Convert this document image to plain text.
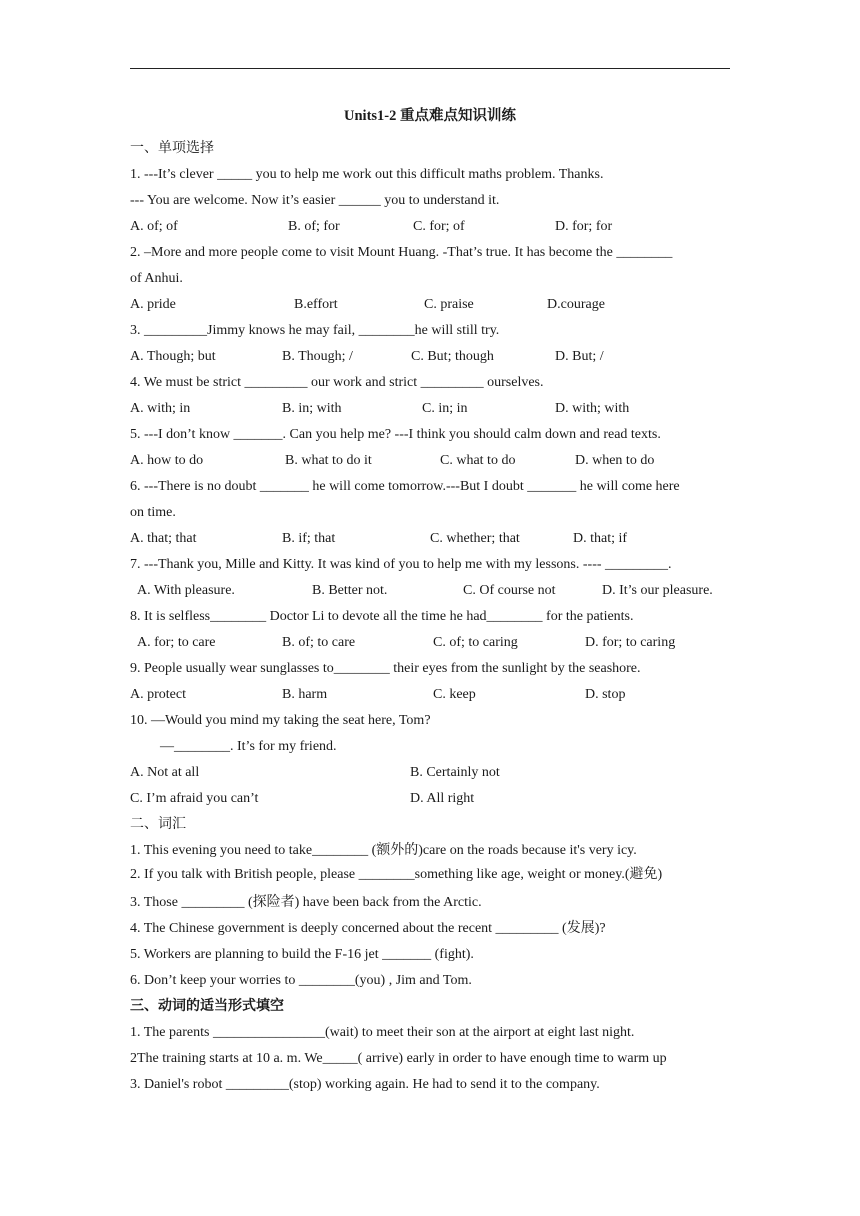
Units1-2 重点难点知识训练
一、单项选择
1. ---It’s clever _____ you to help me work out this difficult maths problem. Thanks.
--- You are welcome. Now it’s easier ______ you to understand it.
A. of; of	B. of; for	C. for; of	D. for; for
2. –More and more people come to visit Mount Huang. -That’s true. It has become the ________
of Anhui.
A. pride	B.effort	C. praise	D.courage
3. _________Jimmy knows he may fail, ________he will still try.
A. Though; but	B. Though; /	C. But; though	D. But; /
4. We must be strict _________ our work and strict _________ ourselves.
A. with; in	B. in; with	C. in; in	D. with; with
5. ---I don’t know _______. Can you help me? ---I think you should calm down and read texts.
A. how to do	B. what to do it	C. what to do	D. when to do
6. ---There is no doubt _______ he will come tomorrow.---But I doubt _______ he will come here
on time.
A. that; that	B. if; that	C. whether; that	D. that; if
7. ---Thank you, Mille and Kitty. It was kind of you to help me with my lessons. ---- _________.
A. With pleasure.	B. Better not.	C. Of course not	D. It’s our pleasure.
8. It is selfless________ Doctor Li to devote all the time he had________ for the patients.
A. for; to care	B. of; to care	C. of; to caring	D. for; to caring
9. People usually wear sunglasses to________ their eyes from the sunlight by the seashore.
A. protect	B. harm	C. keep	D. stop
10. —Would you mind my taking the seat here, Tom?
—________. It’s for my friend.
A. Not at all	B. Certainly not
C. I’m afraid you can’t	D. All right
二、词汇
1. This evening you need to take________ (额外的)care on the roads because it's very icy.
2. If you talk with British people, please ________something like age, weight or money.(避免)
3. Those _________ (探险者) have been back from the Arctic.
4. The Chinese government is deeply concerned about the recent _________ (发展)?
5. Workers are planning to build the F-16 jet _______ (fight).
6. Don’t keep your worries to ________(you) , Jim and Tom.
三、动词的适当形式填空
1. The parents ________________(wait) to meet their son at the airport at eight last night.
2The training starts at 10 a. m. We_____( arrive) early in order to have enough time to warm up
3. Daniel's robot _________(stop) working again. He had to send it to the company.
